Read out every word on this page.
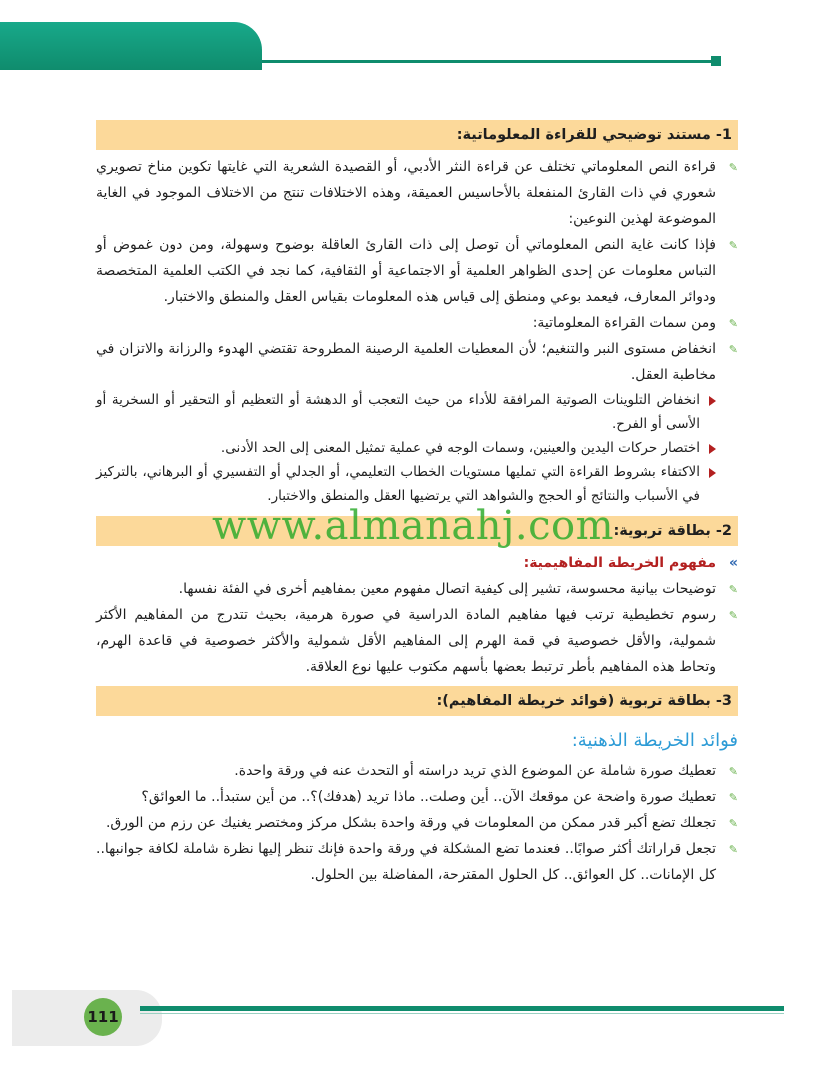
1- مستند توضيحي للقراءة المعلوماتية:
✎
قراءة النص المعلوماتي تختلف عن قراءة النثر الأدبي، أو القصيدة الشعرية التي غايتها تكوين مناخ تصويري شعوري في ذات القارئ المنفعلة بالأحاسيس العميقة، وهذه الاختلافات تنتج من الاختلاف الموجود في الغاية الموضوعة لهذين النوعين:
✎
فإذا كانت غاية النص المعلوماتي أن توصل إلى ذات القارئ العاقلة بوضوح وسهولة، ومن دون غموض أو التباس معلومات عن إحدى الظواهر العلمية أو الاجتماعية أو الثقافية، كما نجد في الكتب العلمية المتخصصة ودوائر المعارف، فيعمد بوعي ومنطق إلى قياس هذه المعلومات بقياس العقل والمنطق والاختبار.
✎
ومن سمات القراءة المعلوماتية:
✎
انخفاض مستوى النبر والتنغيم؛ لأن المعطيات العلمية الرصينة المطروحة تقتضي الهدوء والرزانة والاتزان في مخاطبة العقل.
انخفاض التلوينات الصوتية المرافقة للأداء من حيث التعجب أو الدهشة أو التعظيم أو التحقير أو السخرية أو الأسى أو الفرح.
اختصار حركات اليدين والعينين، وسمات الوجه في عملية تمثيل المعنى إلى الحد الأدنى.
الاكتفاء بشروط القراءة التي تمليها مستويات الخطاب التعليمي، أو الجدلي أو التفسيري أو البرهاني، بالتركيز في الأسباب والنتائج أو الحجج والشواهد التي يرتضيها العقل والمنطق والاختبار.
2- بطاقة تربوية:
»
مفهوم الخريطة المفاهيمية:
✎
توضيحات بيانية محسوسة، تشير إلى كيفية اتصال مفهوم معين بمفاهيم أخرى في الفئة نفسها.
✎
رسوم تخطيطية ترتب فيها مفاهيم المادة الدراسية في صورة هرمية، بحيث تتدرج من المفاهيم الأكثر شمولية، والأقل خصوصية في قمة الهرم إلى المفاهيم الأقل شمولية والأكثر خصوصية في قاعدة الهرم، وتحاط هذه المفاهيم بأطر ترتبط بعضها بأسهم مكتوب عليها نوع العلاقة.
3- بطاقة تربوية (فوائد خريطة المفاهيم):
فوائد الخريطة الذهنية:
✎
تعطيك صورة شاملة عن الموضوع الذي تريد دراسته أو التحدث عنه في ورقة واحدة.
✎
تعطيك صورة واضحة عن موقعك الآن.. أين وصلت.. ماذا تريد (هدفك)؟.. من أين ستبدأ.. ما العوائق؟
✎
تجعلك تضع أكبر قدر ممكن من المعلومات في ورقة واحدة بشكل مركز ومختصر يغنيك عن رزم من الورق.
✎
تجعل قراراتك أكثر صوابًا.. فعندما تضع المشكلة في ورقة واحدة فإنك تنظر إليها نظرة شاملة لكافة جوانبها.. كل الإمانات.. كل العوائق.. كل الحلول المقترحة، المفاضلة بين الحلول.
www.almanahj.com
111
